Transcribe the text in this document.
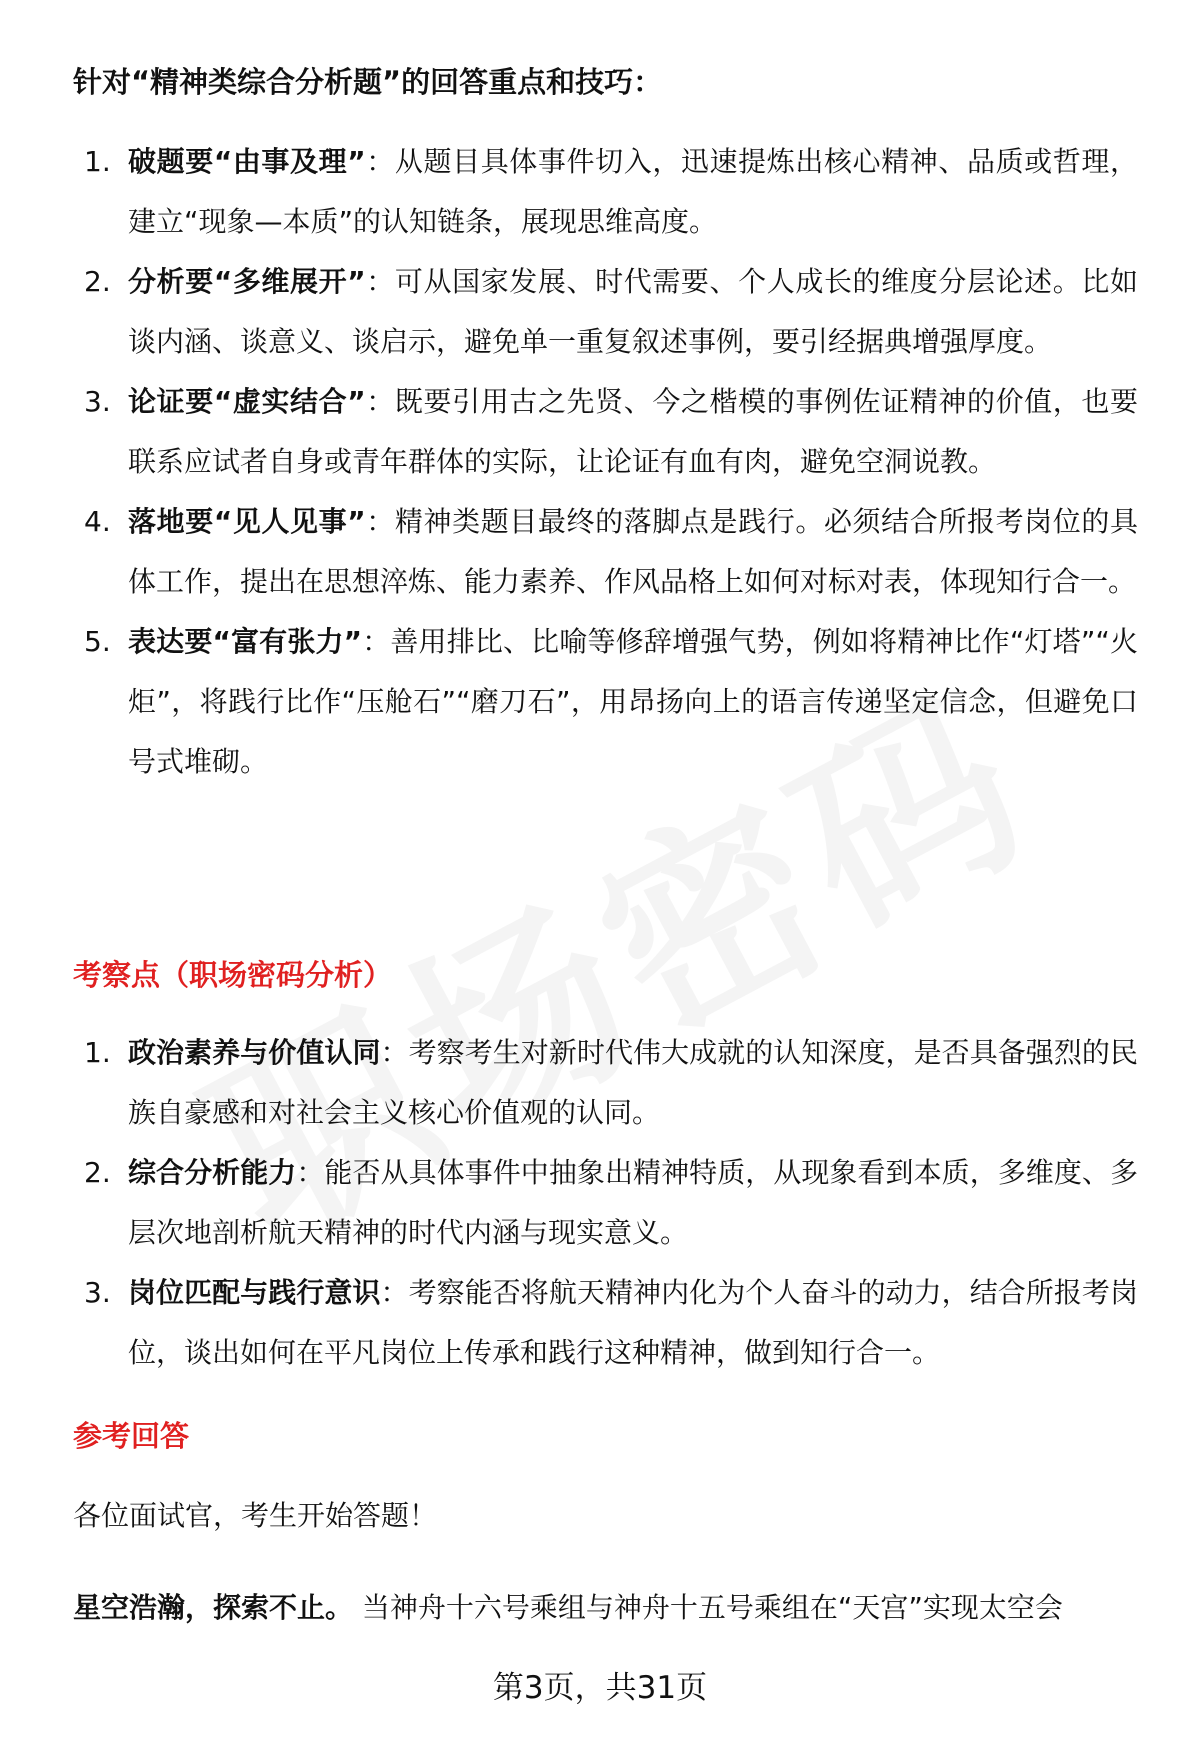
针对“精神类综合分析题”的回答重点和技巧：
1. 破题要“由事及理”：从题目具体事件切入，迅速提炼出核心精神、品质或哲理，建立“现象—本质”的认知链条，展现思维高度。

2. 分析要“多维展开”：可从国家发展、时代需要、个人成长的维度分层论述。比如谈内涵、谈意义、谈启示，避免单一重复叙述事例，要引经据典增强厚度。

3. 论证要“虚实结合”：既要引用古之先贤、今之楷模的事例佐证精神的价值，也要联系应试者自身或青年群体的实际，让论证有血有肉，避免空洞说教。

4. 落地要“见人见事”：精神类题目最终的落脚点是践行。必须结合所报考岗位的具体工作，提出在思想淬炼、能力素养、作风品格上如何对标对表，体现知行合一。

5. 表达要“富有张力”：善用排比、比喻等修辞增强气势，例如将精神比作“灯塔”“火炬”，将践行比作“压舱石”“磨刀石”，用昂扬向上的语言传递坚定信念，但避免口号式堆砌。

考察点（职场密码分析）
1. 政治素养与价值认同：考察考生对新时代伟大成就的认知深度，是否具备强烈的民族自豪感和对社会主义核心价值观的认同。

2. 综合分析能力：能否从具体事件中抽象出精神特质，从现象看到本质，多维度、多层次地剖析航天精神的时代内涵与现实意义。

3. 岗位匹配与践行意识：考察能否将航天精神内化为个人奋斗的动力，结合所报考岗位，谈出如何在平凡岗位上传承和践行这种精神，做到知行合一。

参考回答

各位面试官，考生开始答题！

星空浩瀚，探索不止。 当神舟十六号乘组与神舟十五号乘组在“天宫”实现太空会

第3页，共31页
